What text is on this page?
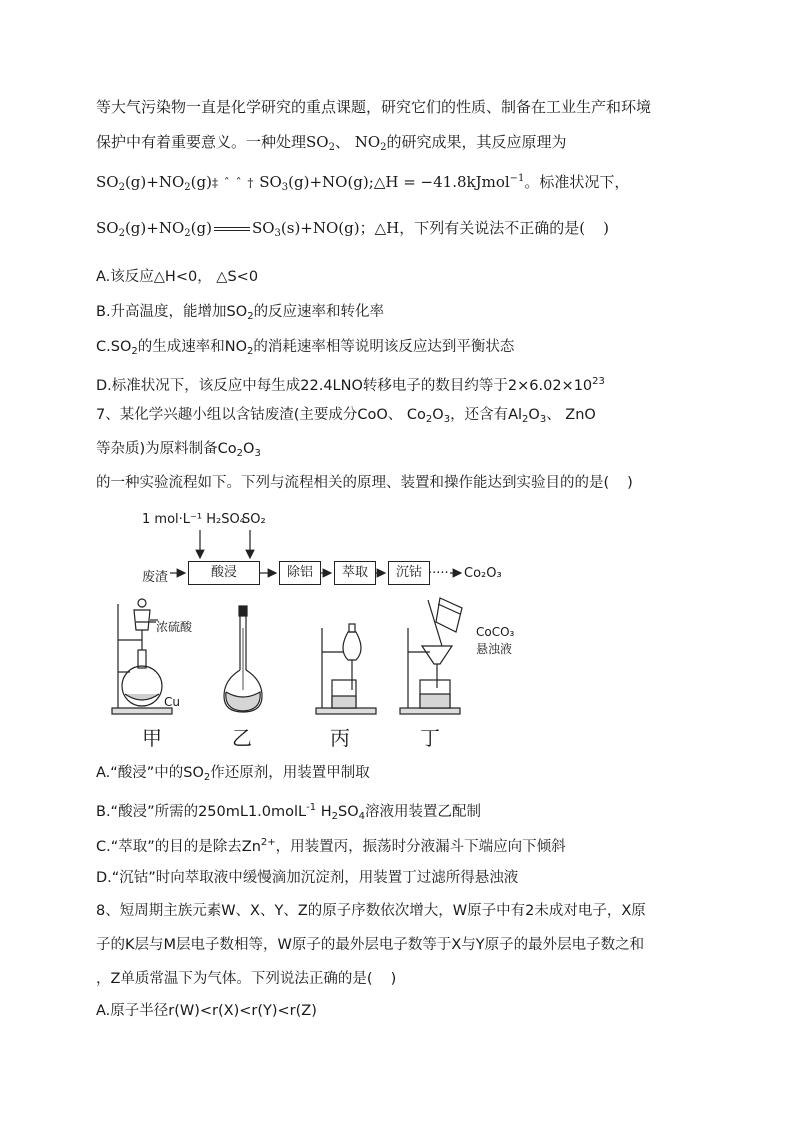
等大气污染物一直是化学研究的重点课题，研究它们的性质、制备在工业生产和环境
保护中有着重要意义。一种处理$SO_2$、 $NO_2$的研究成果，其反应原理为
$SO_2(g)+NO_2(g)\ddagger$ ˆ ˆ † $SO_3(g)+NO(g);\triangle H$ = −41.8kJmol$^{-1}$。标准状况下，
$SO_2(g)+NO_2(g)$	$SO_3(s)+NO(g)$；△H，下列有关说法不正确的是( )
A.该反应△H<0， △S<0
B.升高温度，能增加$SO_2$的反应速率和转化率
$C.SO_2$的生成速率和$NO_2$的消耗速率相等说明该反应达到平衡状态
D.标准状况下，该反应中每生成22.4LNO转移电子的数目约等于$2\times 6.02\times 10^{23}$
7、某化学兴趣小组以含钴废渣(主要成分CoO、 $Co_2O_3$，还含有$Al_2O_3$、 ZnO
等杂质)为原料制备$Co_2O_3$
的一种实验流程如下。下列与流程相关的原理、装置和操作能达到实验目的的是( )
1 mol·L⁻¹ H₂SO₄
SO₂
废渣	酸浸	除铝	萃取	沉钴 ····· Co₂O₃
浓硫酸
Cu
CoCO₃
悬浊液
甲	乙	丙	丁
A.“酸浸”中的$SO_2$作还原剂，用装置甲制取
B.“酸浸”所需的250mL1.0molL$^{-1}$ $H_2SO_4$溶液用装置乙配制
C.“萃取”的目的是除去$Zn^{2+}$，用装置丙，振荡时分液漏斗下端应向下倾斜
D.“沉钴”时向萃取液中缓慢滴加沉淀剂，用装置丁过滤所得悬浊液
8、短周期主族元素W、X、Y、Z的原子序数依次增大，W原子中有2未成对电子，X原
子的K层与M层电子数相等，W原子的最外层电子数等于X与Y原子的最外层电子数之和
，Z单质常温下为气体。下列说法正确的是( )
A.原子半径r(W)<r(X)<r(Y)<r(Z)
